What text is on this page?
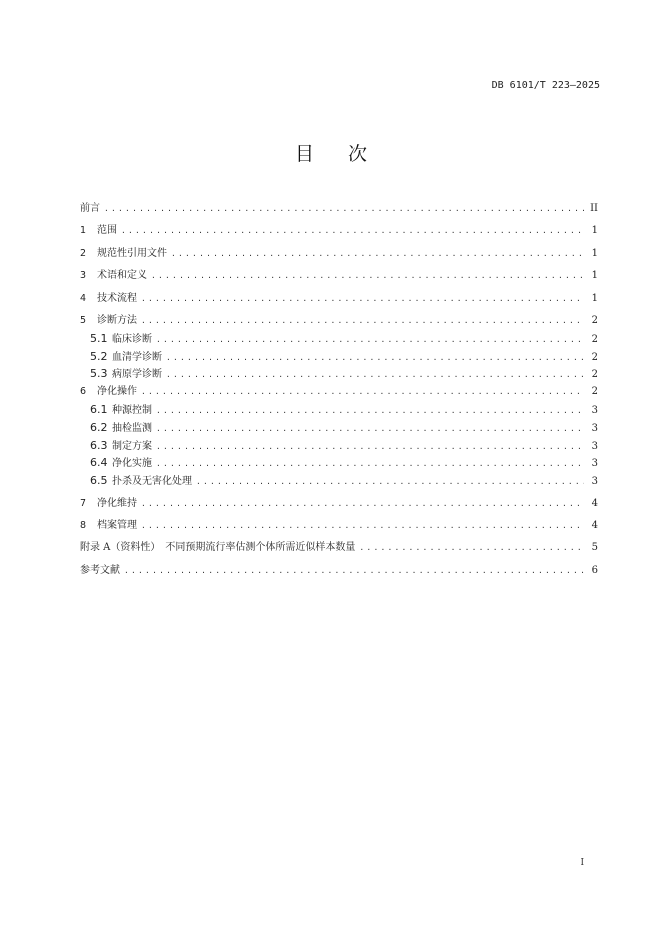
DB 6101/T 223—2025
目次
前言 .....	II
1	范围 .....	1
2	规范性引用文件 .....	1
3	术语和定义 .....	1
4	技术流程 .....	1
5	诊断方法 .....	2
5.1 临床诊断 .....	2
5.2 血清学诊断 .....	2
5.3 病原学诊断 .....	2
6	净化操作 .....	2
6.1 种源控制 .....	3
6.2 抽检监测 .....	3
6.3 制定方案 .....	3
6.4 净化实施 .....	3
6.5 扑杀及无害化处理 .....	3
7	净化维持 .....	4
8	档案管理 .....	4
附录 A（资料性）　不同预期流行率估测个体所需近似样本数量 .....	5
参考文献 .....	6
I
